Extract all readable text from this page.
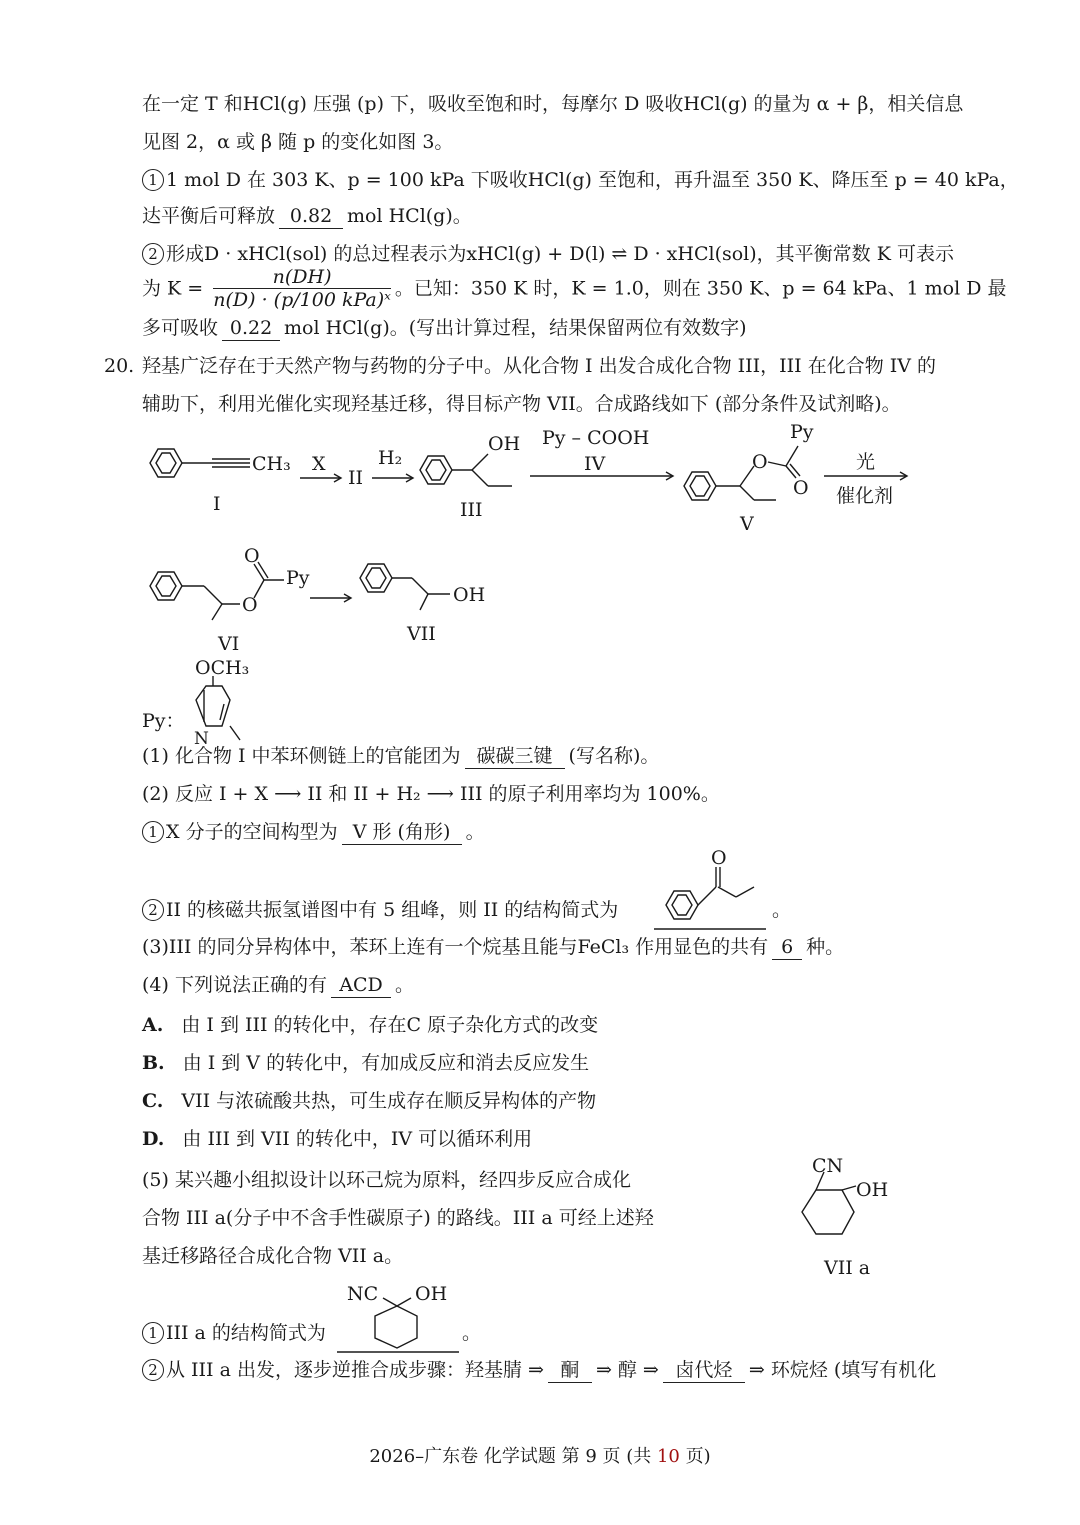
在一定 T 和HCl(g) 压强 (p) 下，吸收至饱和时，每摩尔 D 吸收HCl(g) 的量为 α + β，相关信息
见图 2，α 或 β 随 p 的变化如图 3。
1 1 mol D 在 303 K、p = 100 kPa 下吸收HCl(g) 至饱和，再升温至 350 K、降压至 p = 40 kPa，
达平衡后可释放 0.82 mol HCl(g)。
2 形成D · xHCl(sol) 的总过程表示为xHCl(g) + D(l) ⇌ D · xHCl(sol)，其平衡常数 K 可表示
为 $K = \frac{n(DH)}{\text{n(D) · (p/100 kPa)ˣ}}$ 。已知：350 K 时，K = 1.0，则在 350 K、p = 64 kPa、1 mol D 最
多可吸收 0.22 mol HCl(g)。(写出计算过程，结果保留两位有效数字)
20. 羟基广泛存在于天然产物与药物的分子中。从化合物 I 出发合成化合物 III，III 在化合物 IV 的
辅助下，利用光催化实现羟基迁移，得目标产物 VII。合成路线如下 (部分条件及试剂略)。
CH₃ X
II
H₂
OH
I	III
Py – COOH
IV
Py
O
O
光
催化剂
V
O
Py
O
VI
OH
VII
OCH₃
Py：
N
(1) 化合物 I 中苯环侧链上的官能团为 碳碳三键 (写名称)。
(2) 反应 I + X ⟶ II 和 II + H₂ ⟶ III 的原子利用率均为 100%。
1 X 分子的空间构型为 V 形 (角形) 。
O
2 II 的核磁共振氢谱图中有 5 组峰，则 II 的结构简式为	。
(3)III 的同分异构体中，苯环上连有一个烷基且能与FeCl₃ 作用显色的共有 6 种。
(4) 下列说法正确的有 ACD 。
A. 由 I 到 III 的转化中，存在C 原子杂化方式的改变
B. 由 I 到 V 的转化中，有加成反应和消去反应发生
C. VII 与浓硫酸共热，可生成存在顺反异构体的产物
D. 由 III 到 VII 的转化中，IV 可以循环利用
(5) 某兴趣小组拟设计以环己烷为原料，经四步反应合成化
合物 III a(分子中不含手性碳原子) 的路线。III a 可经上述羟
基迁移路径合成化合物 VII a。
CN
OH
VII a
NC OH
1 III a 的结构简式为	。
2 从 III a 出发，逐步逆推合成步骤：羟基腈 ⇒ 酮 ⇒ 醇 ⇒ 卤代烃 ⇒ 环烷烃 (填写有机化
2026–广东卷 化学试题 第 9 页 (共 10 页)
